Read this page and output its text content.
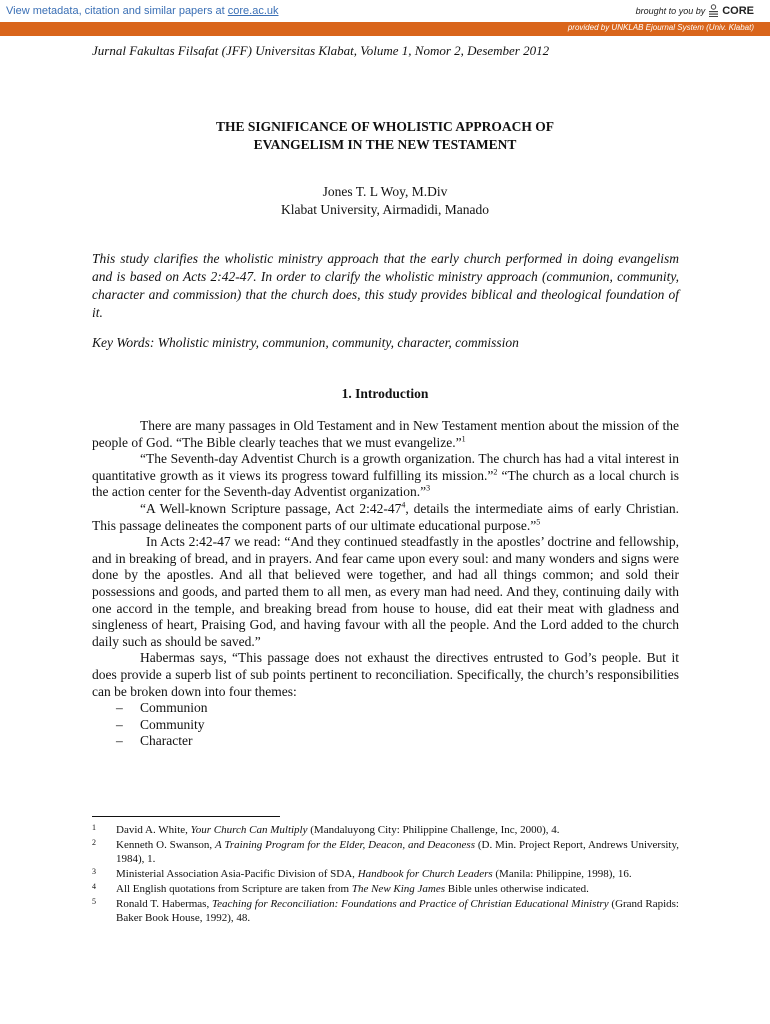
View metadata, citation and similar papers at core.ac.uk	brought to you by CORE
provided by UNKLAB Ejournal System (Univ. Klabat)
Jurnal Fakultas Filsafat (JFF) Universitas Klabat, Volume 1, Nomor 2, Desember 2012
THE SIGNIFICANCE OF WHOLISTIC APPROACH OF
EVANGELISM IN THE NEW TESTAMENT
Jones T. L Woy, M.Div
Klabat University, Airmadidi, Manado
This study clarifies the wholistic ministry approach that the early church performed in doing evangelism and is based on Acts 2:42-47. In order to clarify the wholistic ministry approach (communion, community, character and commission) that the church does, this study provides biblical and theological foundation of it.
Key Words: Wholistic ministry, communion, community, character, commission
1. Introduction

There are many passages in Old Testament and in New Testament mention about the mission of the people of God. “The Bible clearly teaches that we must evangelize.”$^1$

“The Seventh-day Adventist Church is a growth organization. The church has had a vital interest in quantitative growth as it views its progress toward fulfilling its mission.”$^2$ “The church as a local church is the action center for the Seventh-day Adventist organization.”$^3$

“A Well-known Scripture passage, Act $2:42-47^4$, details the intermediate aims of early Christian. This passage delineates the component parts of our ultimate educational purpose.”$^5$

In Acts 2:42-47 we read: “And they continued steadfastly in the apostles’ doctrine and fellowship, and in breaking of bread, and in prayers. And fear came upon every soul: and many wonders and signs were done by the apostles. And all that believed were together, and had all things common; and sold their possessions and goods, and parted them to all men, as every man had need. And they, continuing daily with one accord in the temple, and breaking bread from house to house, did eat their meat with gladness and singleness of heart, Praising God, and having favour with all the people. And the Lord added to the church daily such as should be saved.”

Habermas says, “This passage does not exhaust the directives entrusted to God’s people. But it does provide a superb list of sub points pertinent to reconciliation. Specifically, the church’s responsibilities can be broken down into four themes:

– Communion
– Community
– Character
1 David A. White, Your Church Can Multiply (Mandaluyong City: Philippine Challenge, Inc, 2000), 4.
2 Kenneth O. Swanson, A Training Program for the Elder, Deacon, and Deaconess (D. Min. Project Report, Andrews University, 1984), 1.
3 Ministerial Association Asia-Pacific Division of SDA, Handbook for Church Leaders (Manila: Philippine, 1998), 16.
4 All English quotations from Scripture are taken from The New King James Bible unles otherwise indicated.
5 Ronald T. Habermas, Teaching for Reconciliation: Foundations and Practice of Christian Educational Ministry (Grand Rapids: Baker Book House, 1992), 48.
